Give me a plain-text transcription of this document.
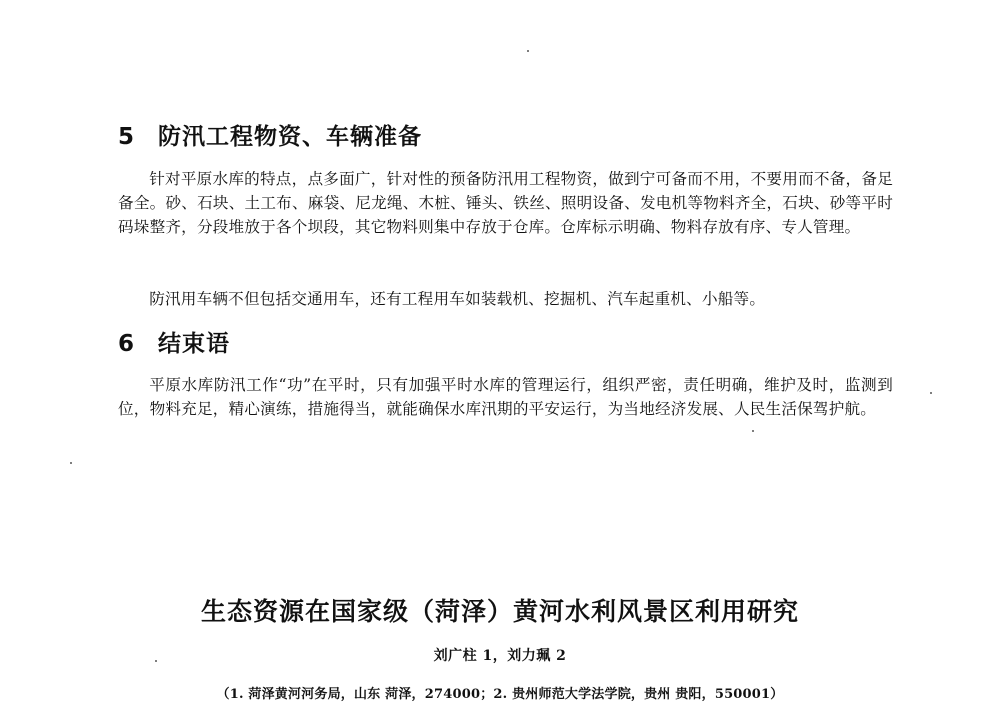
5 防汛工程物资、车辆准备

针对平原水库的特点，点多面广，针对性的预备防汛用工程物资，做到宁可备而不用，不要用而不备，备足备全。砂、石块、土工布、麻袋、尼龙绳、木桩、锤头、铁丝、照明设备、发电机等物料齐全，石块、砂等平时码垛整齐，分段堆放于各个坝段，其它物料则集中存放于仓库。仓库标示明确、物料存放有序、专人管理。

防汛用车辆不但包括交通用车，还有工程用车如装载机、挖掘机、汽车起重机、小船等。

6 结束语

平原水库防汛工作“功”在平时，只有加强平时水库的管理运行，组织严密，责任明确，维护及时，监测到位，物料充足，精心演练，措施得当，就能确保水库汛期的平安运行，为当地经济发展、人民生活保驾护航。

生态资源在国家级（菏泽）黄河水利风景区利用研究
刘广柱 1，刘力珮 2
（1. 菏泽黄河河务局，山东 菏泽，274000；2. 贵州师范大学法学院，贵州 贵阳，550001）
